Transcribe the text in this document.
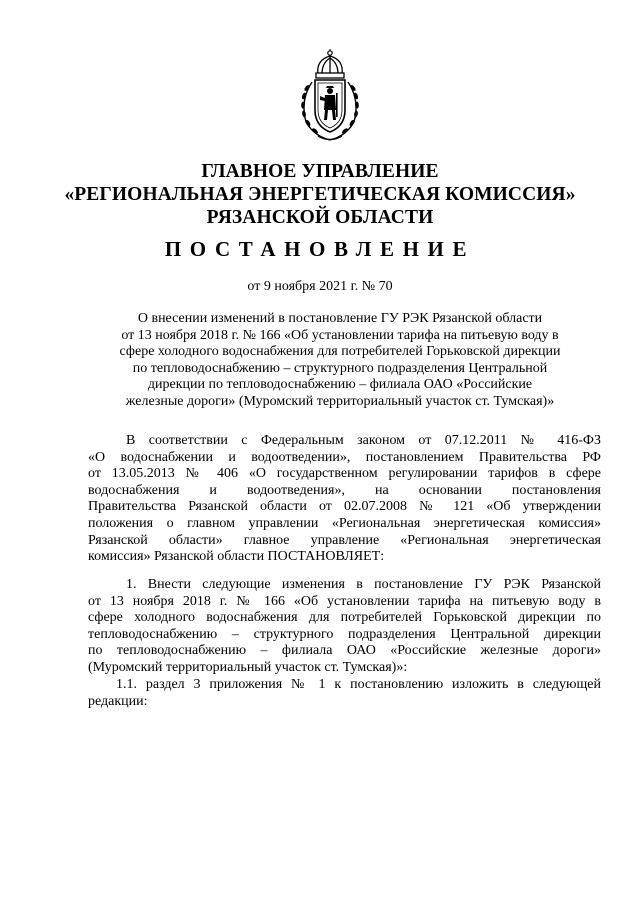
ГЛАВНОЕ УПРАВЛЕНИЕ
«РЕГИОНАЛЬНАЯ ЭНЕРГЕТИЧЕСКАЯ КОМИССИЯ»
РЯЗАНСКОЙ ОБЛАСТИ
ПОСТАНОВЛЕНИЕ
от 9 ноября 2021 г. № 70
О внесении изменений в постановление ГУ РЭК Рязанской области
от 13 ноября 2018 г. № 166 «Об установлении тарифа на питьевую воду в
сфере холодного водоснабжения для потребителей Горьковской дирекции
по тепловодоснабжению – структурного подразделения Центральной
дирекции по тепловодоснабжению – филиала ОАО «Российские
железные дороги» (Муромский территориальный участок ст. Тумская)»
В соответствии с Федеральным законом от 07.12.2011 № 416-ФЗ
«О водоснабжении и водоотведении», постановлением Правительства РФ
от 13.05.2013 № 406 «О государственном регулировании тарифов в сфере
водоснабжения и водоотведения», на основании постановления
Правительства Рязанской области от 02.07.2008 № 121 «Об утверждении
положения о главном управлении «Региональная энергетическая комиссия»
Рязанской области» главное управление «Региональная энергетическая
комиссия» Рязанской области ПОСТАНОВЛЯЕТ:
1. Внести следующие изменения в постановление ГУ РЭК Рязанской
от 13 ноября 2018 г. № 166 «Об установлении тарифа на питьевую воду в
сфере холодного водоснабжения для потребителей Горьковской дирекции по
тепловодоснабжению – структурного подразделения Центральной дирекции
по тепловодоснабжению – филиала ОАО «Российские железные дороги»
(Муромский территориальный участок ст. Тумская)»:
1.1. раздел 3 приложения № 1 к постановлению изложить в следующей
редакции:
